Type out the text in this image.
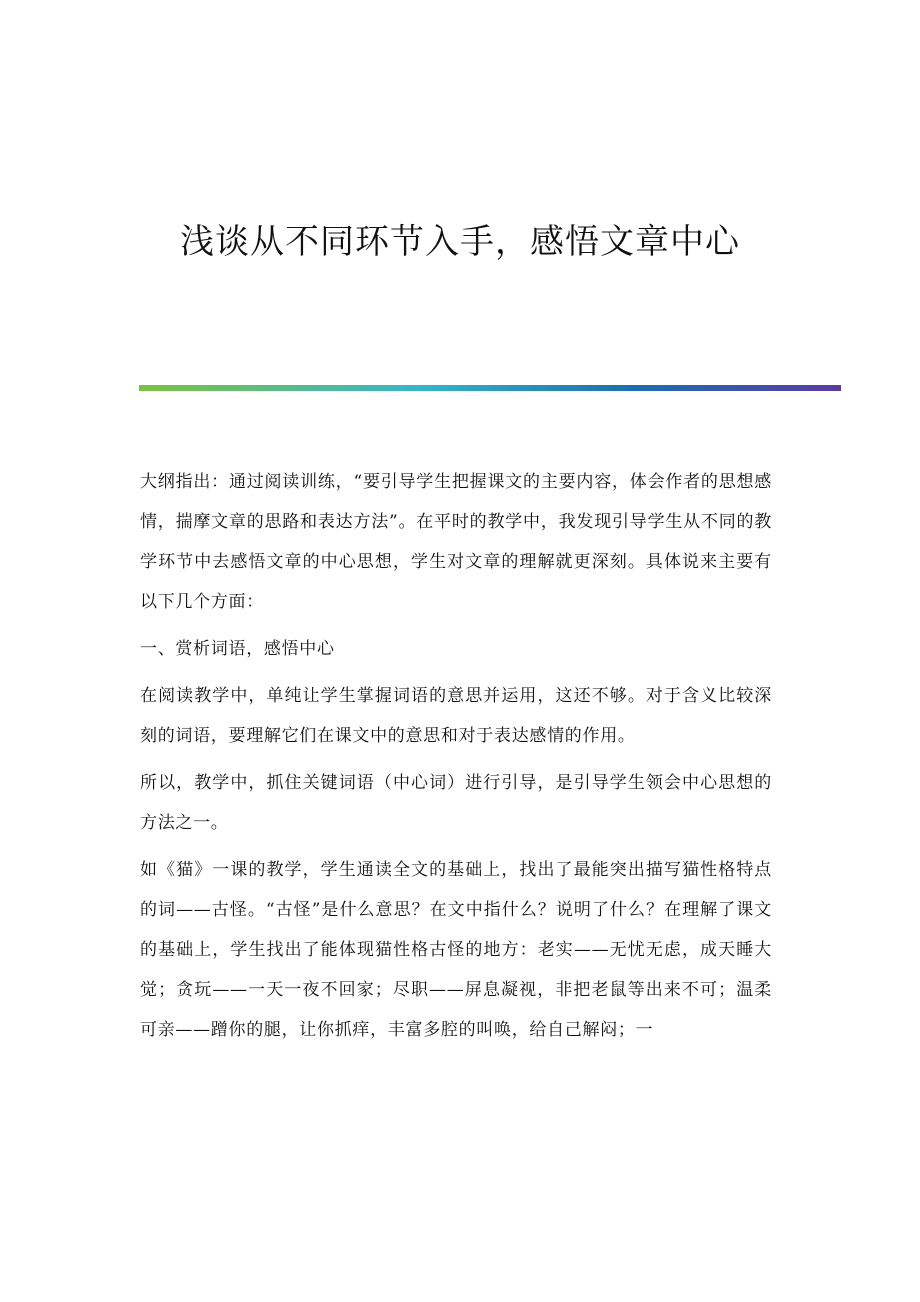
浅谈从不同环节入手，感悟文章中心

大纲指出：通过阅读训练，“要引导学生把握课文的主要内容，体会作者的思想感情，揣摩文章的思路和表达方法”。在平时的教学中，我发现引导学生从不同的教学环节中去感悟文章的中心思想，学生对文章的理解就更深刻。具体说来主要有以下几个方面：

一、赏析词语，感悟中心

在阅读教学中，单纯让学生掌握词语的意思并运用，这还不够。对于含义比较深刻的词语，要理解它们在课文中的意思和对于表达感情的作用。

所以，教学中，抓住关键词语（中心词）进行引导，是引导学生领会中心思想的方法之一。

如《猫》一课的教学，学生通读全文的基础上，找出了最能突出描写猫性格特点的词——古怪。“古怪”是什么意思？在文中指什么？说明了什么？在理解了课文的基础上，学生找出了能体现猫性格古怪的地方：老实——无忧无虑，成天睡大觉；贪玩——一天一夜不回家；尽职——屏息凝视，非把老鼠等出来不可；温柔可亲——蹭你的腿，让你抓痒，丰富多腔的叫唤，给自己解闷；一
